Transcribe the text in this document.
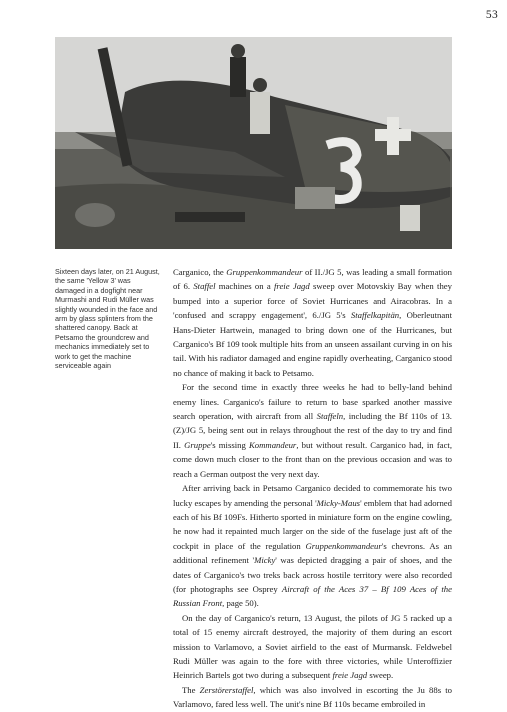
53

Sixteen days later, on 21 August, the same 'Yellow 3' was damaged in a dogfight near Murmashi and Rudi Müller was slightly wounded in the face and arm by glass splinters from the shattered canopy. Back at Petsamo the groundcrew and mechanics immediately set to work to get the machine serviceable again

Carganico, the Gruppenkommandeur of II./JG 5, was leading a small formation of 6. Staffel machines on a freie Jagd sweep over Motovskiy Bay when they bumped into a superior force of Soviet Hurricanes and Airacobras. In a 'confused and scrappy engagement', 6./JG 5's Staffelkapitän, Oberleutnant Hans-Dieter Hartwein, managed to bring down one of the Hurricanes, but Carganico's Bf 109 took multiple hits from an unseen assailant curving in on his tail. With his radiator damaged and engine rapidly overheating, Carganico stood no chance of making it back to Petsamo.

For the second time in exactly three weeks he had to belly-land behind enemy lines. Carganico's failure to return to base sparked another massive search operation, with aircraft from all Staffeln, including the Bf 110s of 13.(Z)/JG 5, being sent out in relays throughout the rest of the day to try and find II. Gruppe's missing Kommandeur, but without result. Carganico had, in fact, come down much closer to the front than on the previous occasion and was to reach a German outpost the very next day.

After arriving back in Petsamo Carganico decided to commemorate his two lucky escapes by amending the personal 'Micky-Maus' emblem that had adorned each of his Bf 109Fs. Hitherto sported in miniature form on the engine cowling, he now had it repainted much larger on the side of the fuselage just aft of the cockpit in place of the regulation Gruppenkommandeur's chevrons. As an additional refinement 'Micky' was depicted dragging a pair of shoes, and the dates of Carganico's two treks back across hostile territory were also recorded (for photographs see Osprey Aircraft of the Aces 37 – Bf 109 Aces of the Russian Front, page 50).

On the day of Carganico's return, 13 August, the pilots of JG 5 racked up a total of 15 enemy aircraft destroyed, the majority of them during an escort mission to Varlamovo, a Soviet airfield to the east of Murmansk. Feldwebel Rudi Müller was again to the fore with three victories, while Unteroffizier Heinrich Bartels got two during a subsequent freie Jagd sweep.

The Zerstörerstaffel, which was also involved in escorting the Ju 88s to Varlamovo, fared less well. The unit's nine Bf 110s became embroiled in
